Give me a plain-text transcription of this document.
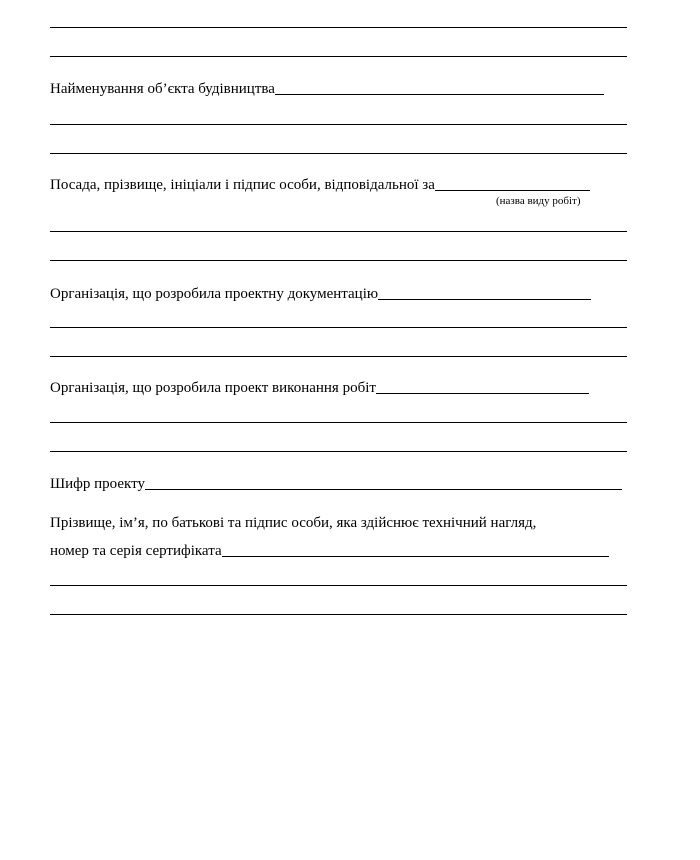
Найменування об’єкта будівництва
Посада, прізвище, ініціали і підпис особи, відповідальної за
(назва виду робіт)
Організація, що розробила проектну документацію
Організація, що розробила проект виконання робіт
Шифр проекту
Прізвище, ім’я, по батькові та підпис особи, яка здійснює технічний нагляд,
номер та серія сертифіката
